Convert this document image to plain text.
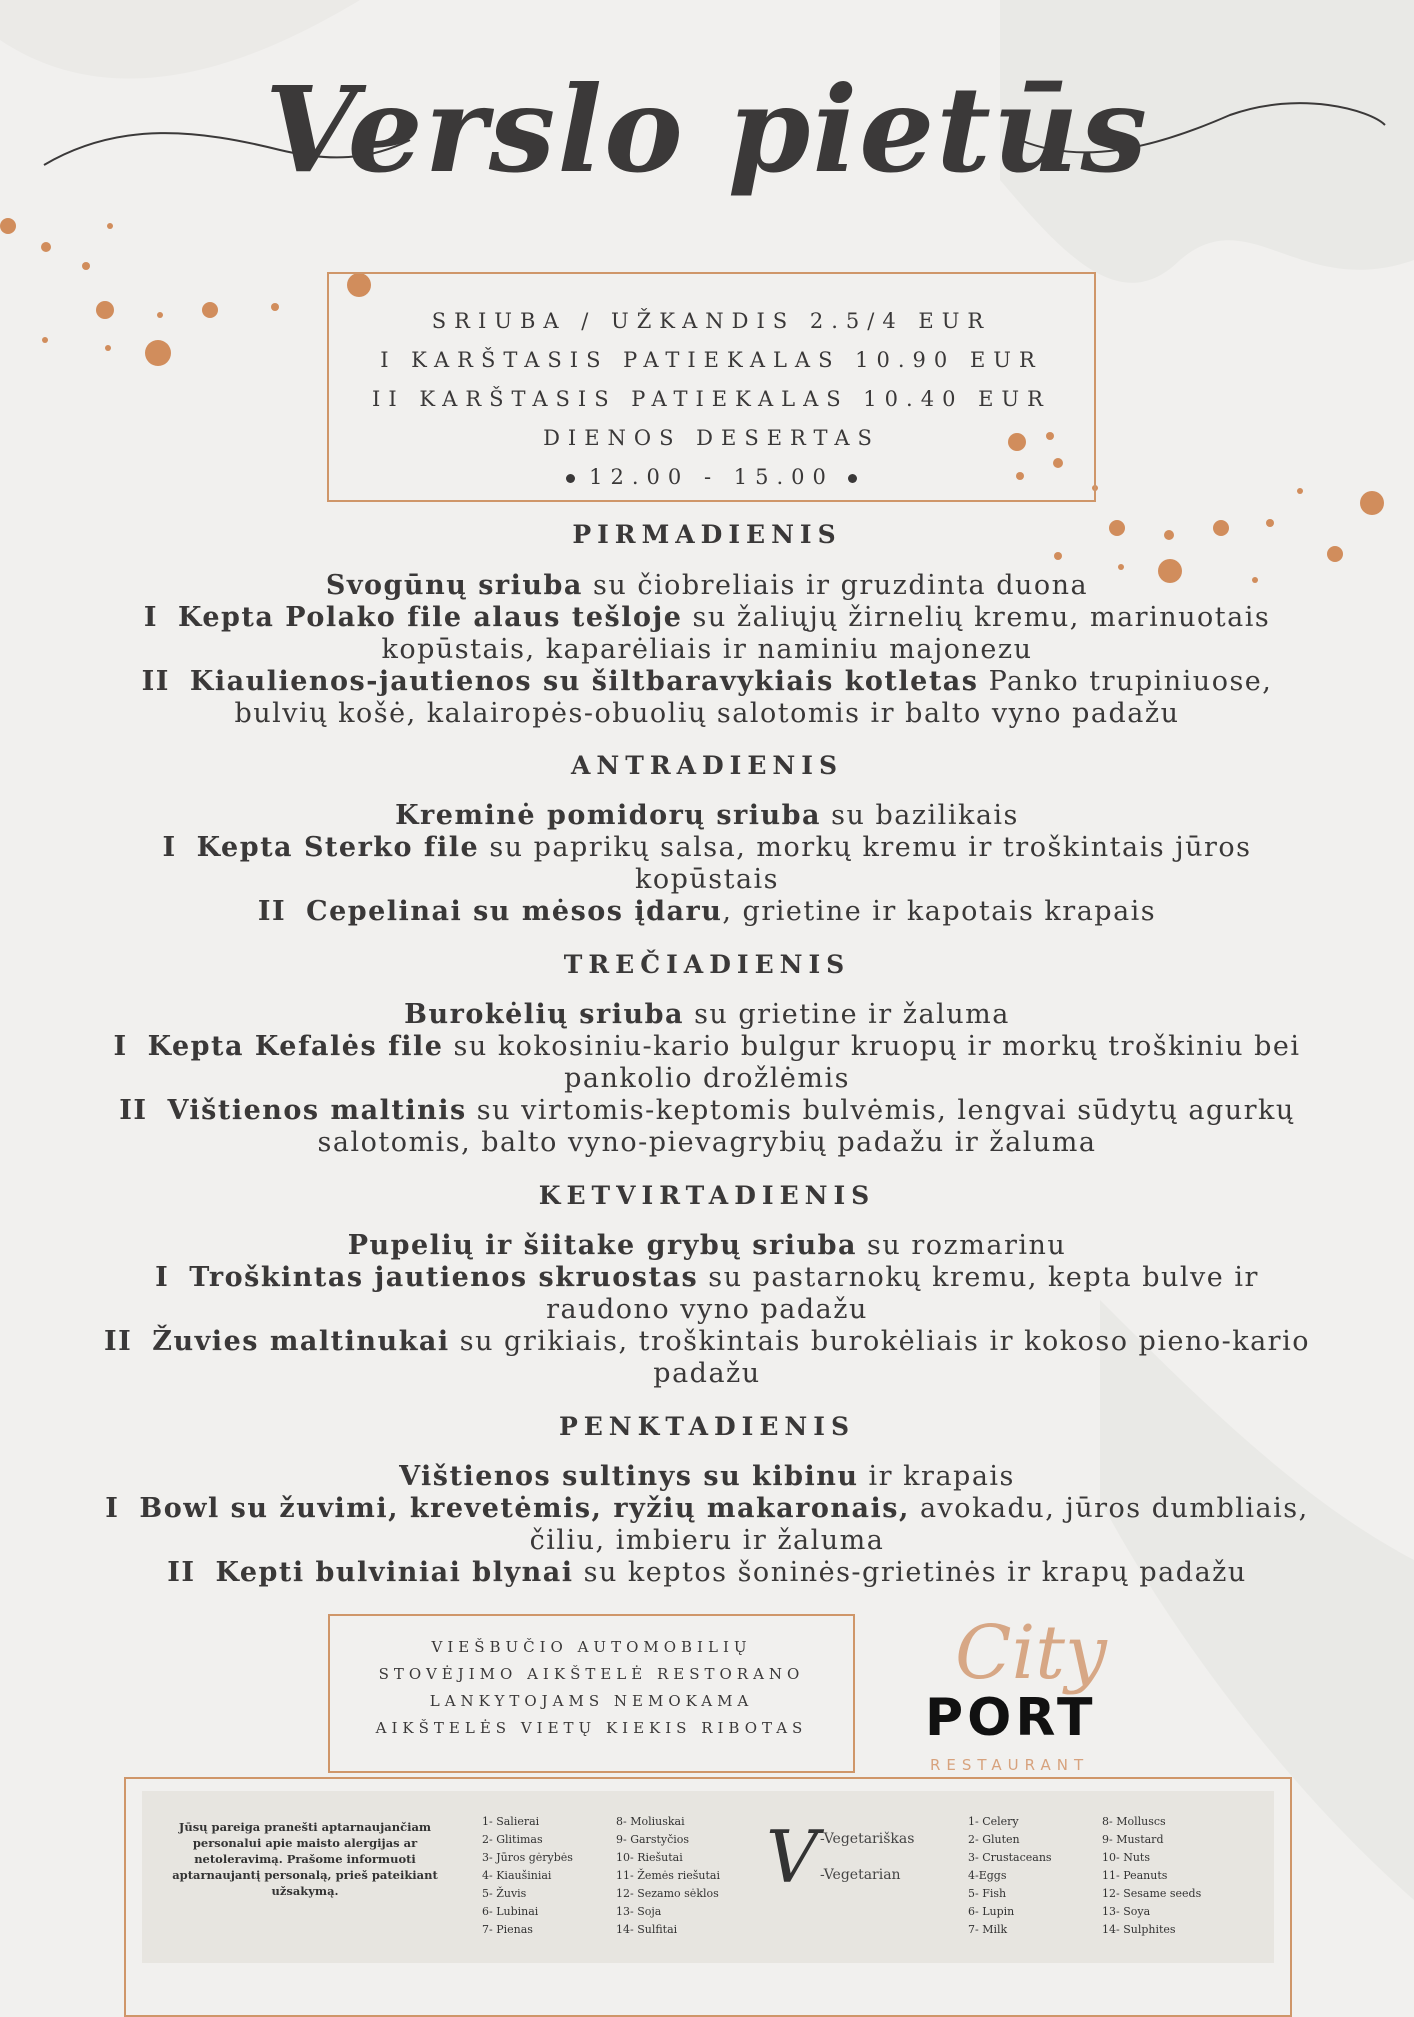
Verslo pietūs
SRIUBA / UŽKANDIS 2.5/4 EUR
I KARŠTASIS PATIEKALAS 10.90 EUR
II KARŠTASIS PATIEKALAS 10.40 EUR
DIENOS DESERTAS
12.00 - 15.00
PIRMADIENIS
Svogūnų sriuba su čiobreliais ir gruzdinta duona
I Kepta Polako file alaus tešloje su žaliųjų žirnelių kremu, marinuotais kopūstais, kaparėliais ir naminiu majonezu
II Kiaulienos-jautienos su šiltbaravykiais kotletas Panko trupiniuose, bulvių košė, kalairopės-obuolių salotomis ir balto vyno padažu
ANTRADIENIS
Kreminė pomidorų sriuba su bazilikais
I Kepta Sterko file su paprikų salsa, morkų kremu ir troškintais jūros kopūstais
II Cepelinai su mėsos įdaru, grietine ir kapotais krapais
TREČIADIENIS
Burokėlių sriuba su grietine ir žaluma
I Kepta Kefalės file su kokosiniu-kario bulgur kruopų ir morkų troškiniu bei pankolio drožlėmis
II Vištienos maltinis su virtomis-keptomis bulvėmis, lengvai sūdytų agurkų salotomis, balto vyno-pievagrybių padažu ir žaluma
KETVIRTADIENIS
Pupelių ir šiitake grybų sriuba su rozmarinu
I Troškintas jautienos skruostas su pastarnokų kremu, kepta bulve ir raudono vyno padažu
II Žuvies maltinukai su grikiais, troškintais burokėliais ir kokoso pieno-kario padažu
PENKTADIENIS
Vištienos sultinys su kibinu ir krapais
I Bowl su žuvimi, krevetėmis, ryžių makaronais, avokadu, jūros dumbliais, čiliu, imbieru ir žaluma
II Kepti bulviniai blynai su keptos šoninės-grietinės ir krapų padažu
VIEŠBUČIO AUTOMOBILIŲ
STOVĖJIMO AIKŠTELĖ RESTORANO
LANKYTOJAMS NEMOKAMA
AIKŠTELĖS VIETŲ KIEKIS RIBOTAS
City
PORT
RESTAURANT
Jūsų pareiga pranešti aptarnaujančiam personalui apie maisto alergijas ar netoleravimą. Prašome informuoti aptarnaujantį personalą, prieš pateikiant užsakymą.
1- Salierai
2- Glitimas
3- Jūros gėrybės
4- Kiaušiniai
5- Žuvis
6- Lubinai
7- Pienas
8- Moliuskai
9- Garstyčios
10- Riešutai
11- Žemės riešutai
12- Sezamo sėklos
13- Soja
14- Sulfitai
V -Vegetariškas
-Vegetarian
1- Celery
2- Gluten
3- Crustaceans
4-Eggs
5- Fish
6- Lupin
7- Milk
8- Molluscs
9- Mustard
10- Nuts
11- Peanuts
12- Sesame seeds
13- Soya
14- Sulphites
